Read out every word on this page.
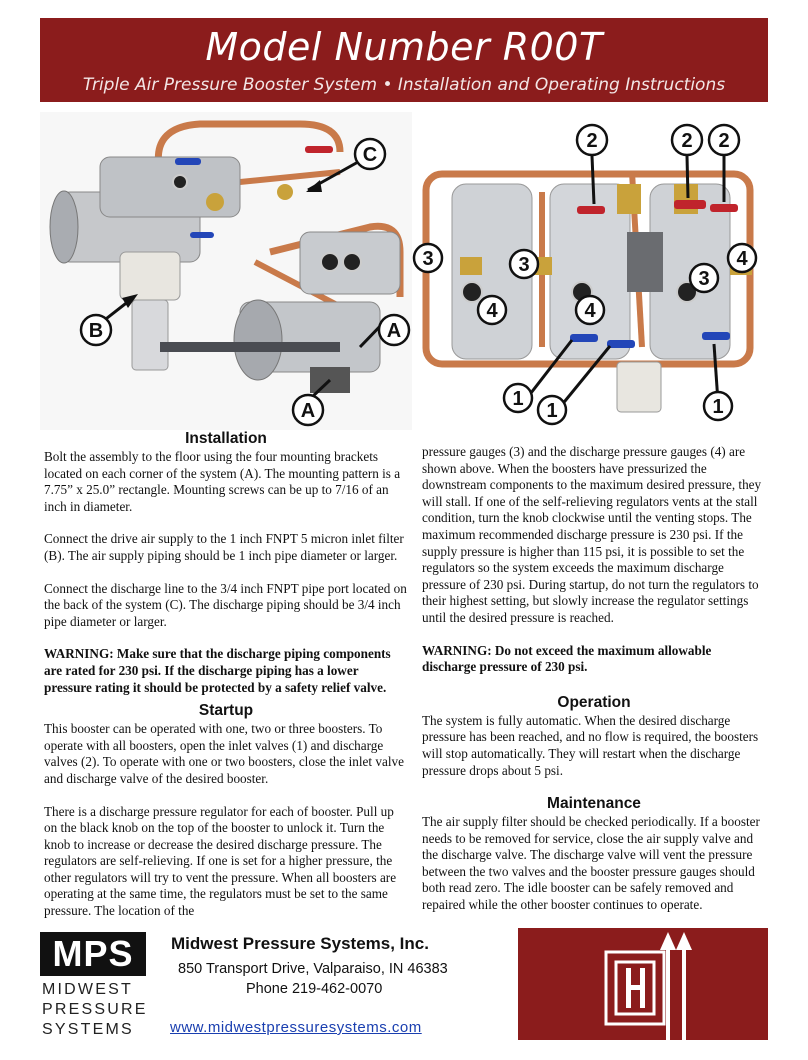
Model Number R00T
Triple Air Pressure Booster System • Installation and Operating Instructions
C
B	A
A
2	2 2
3	3
3
4	4
4
1
1	1
Installation

Bolt the assembly to the floor using the four mounting brackets located on each corner of the system (A). The mounting pattern is a 7.75” x 25.0” rectangle. Mounting screws can be up to 7/16 of an inch in diameter.

Connect the drive air supply to the 1 inch FNPT 5 micron inlet filter (B). The air supply piping should be 1 inch pipe diameter or larger.

Connect the discharge line to the 3/4 inch FNPT pipe port located on the back of the system (C). The discharge piping should be 3/4 inch pipe diameter or larger.

WARNING: Make sure that the discharge piping components are rated for 230 psi. If the discharge piping has a lower pressure rating it should be protected by a safety relief valve.

Startup

This booster can be operated with one, two or three boosters. To operate with all boosters, open the inlet valves (1) and discharge valves (2). To operate with one or two boosters, close the inlet valve and discharge valve of the desired booster.

There is a discharge pressure regulator for each of booster. Pull up on the black knob on the top of the booster to unlock it. Turn the knob to increase or decrease the desired discharge pressure. The regulators are self-relieving. If one is set for a higher pressure, the other regulators will try to vent the pressure. When all boosters are operating at the same time, the regulators must be set to the same pressure. The location of the

pressure gauges (3) and the discharge pressure gauges (4) are shown above. When the boosters have pressurized the downstream components to the maximum desired pressure, they will stall. If one of the self-relieving regulators vents at the stall condition, turn the knob clockwise until the venting stops. The maximum recommended discharge pressure is 230 psi. If the supply pressure is higher than 115 psi, it is possible to set the regulators so the system exceeds the maximum discharge pressure of 230 psi. During startup, do not turn the regulators to their highest setting, but slowly increase the regulator settings until the desired pressure is reached.

WARNING: Do not exceed the maximum allowable discharge pressure of 230 psi.

Operation

The system is fully automatic. When the desired discharge pressure has been reached, and no flow is required, the boosters will stop automatically. They will restart when the discharge pressure drops about 5 psi.

Maintenance

The air supply filter should be checked periodically. If a booster needs to be removed for service, close the air supply valve and the discharge valve. The discharge valve will vent the pressure between the two valves and the booster pressure gauges should both read zero. The idle booster can be safely removed and repaired while the other booster continues to operate.

MPS
MIDWEST
PRESSURE
SYSTEMS
Midwest Pressure Systems, Inc.
850 Transport Drive, Valparaiso, IN 46383
Phone 219-462-0070
www.midwestpressuresystems.com
